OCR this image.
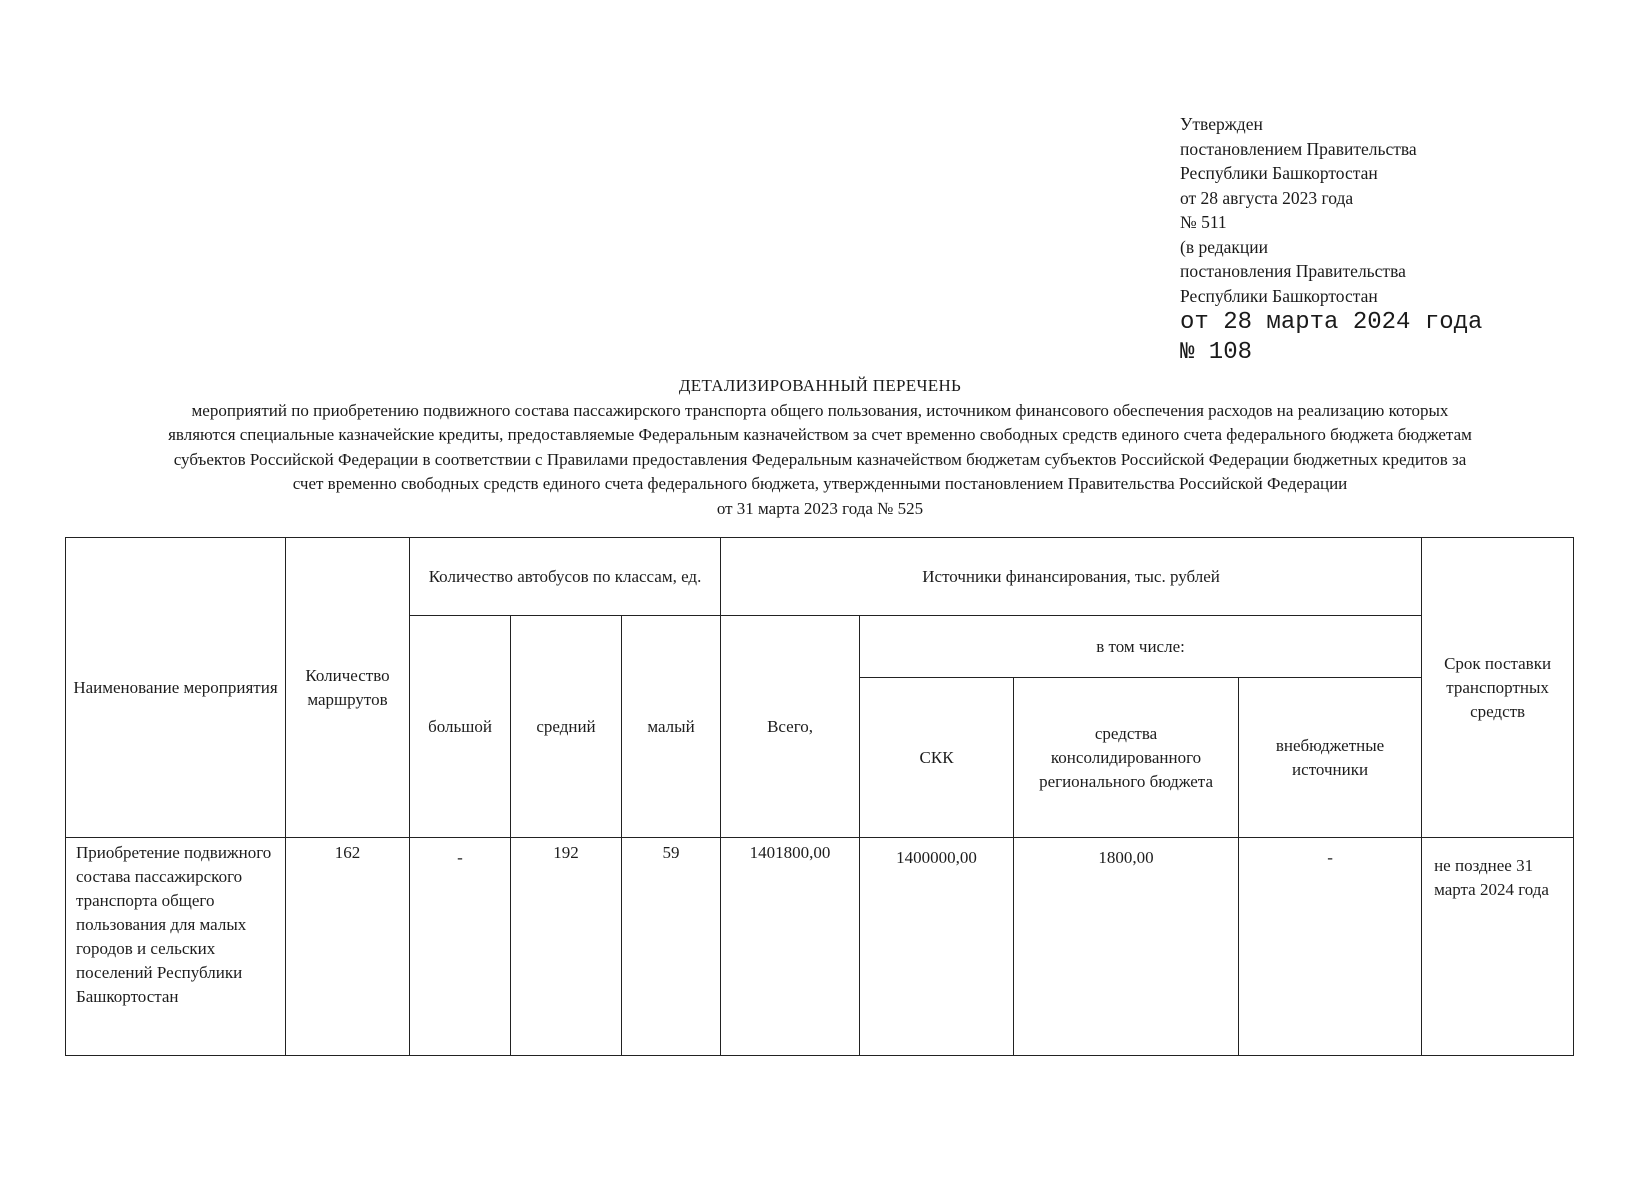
Утвержден
постановлением Правительства
Республики Башкортостан
от 28 августа 2023 года
№ 511
(в редакции
постановления Правительства
Республики Башкортостан
от 28 марта 2024 года
№ 108
ДЕТАЛИЗИРОВАННЫЙ ПЕРЕЧЕНЬ
мероприятий по приобретению подвижного состава пассажирского транспорта общего пользования, источником финансового обеспечения расходов на реализацию которых
являются специальные казначейские кредиты, предоставляемые Федеральным казначейством за счет временно свободных средств единого счета федерального бюджета бюджетам
субъектов Российской Федерации в соответствии с Правилами предоставления Федеральным казначейством бюджетам субъектов Российской Федерации бюджетных кредитов за
счет временно свободных средств единого счета федерального бюджета, утвержденными постановлением Правительства Российской Федерации
от 31 марта 2023 года № 525
Наименование мероприятия	Количество маршрутов	Количество автобусов по классам, ед.			Источники финансирования, тыс. рублей				Срок поставки транспортных средств
		большой	средний	малый	Всего,	в том числе:			
						СКК	средства консолидированного регионального бюджета	внебюджетные источники	
Приобретение подвижного состава пассажирского транспорта общего пользования для малых городов и сельских поселений Республики Башкортостан	162	-	192	59	1401800,00	1400000,00	1800,00	-	не позднее 31 марта 2024 года
